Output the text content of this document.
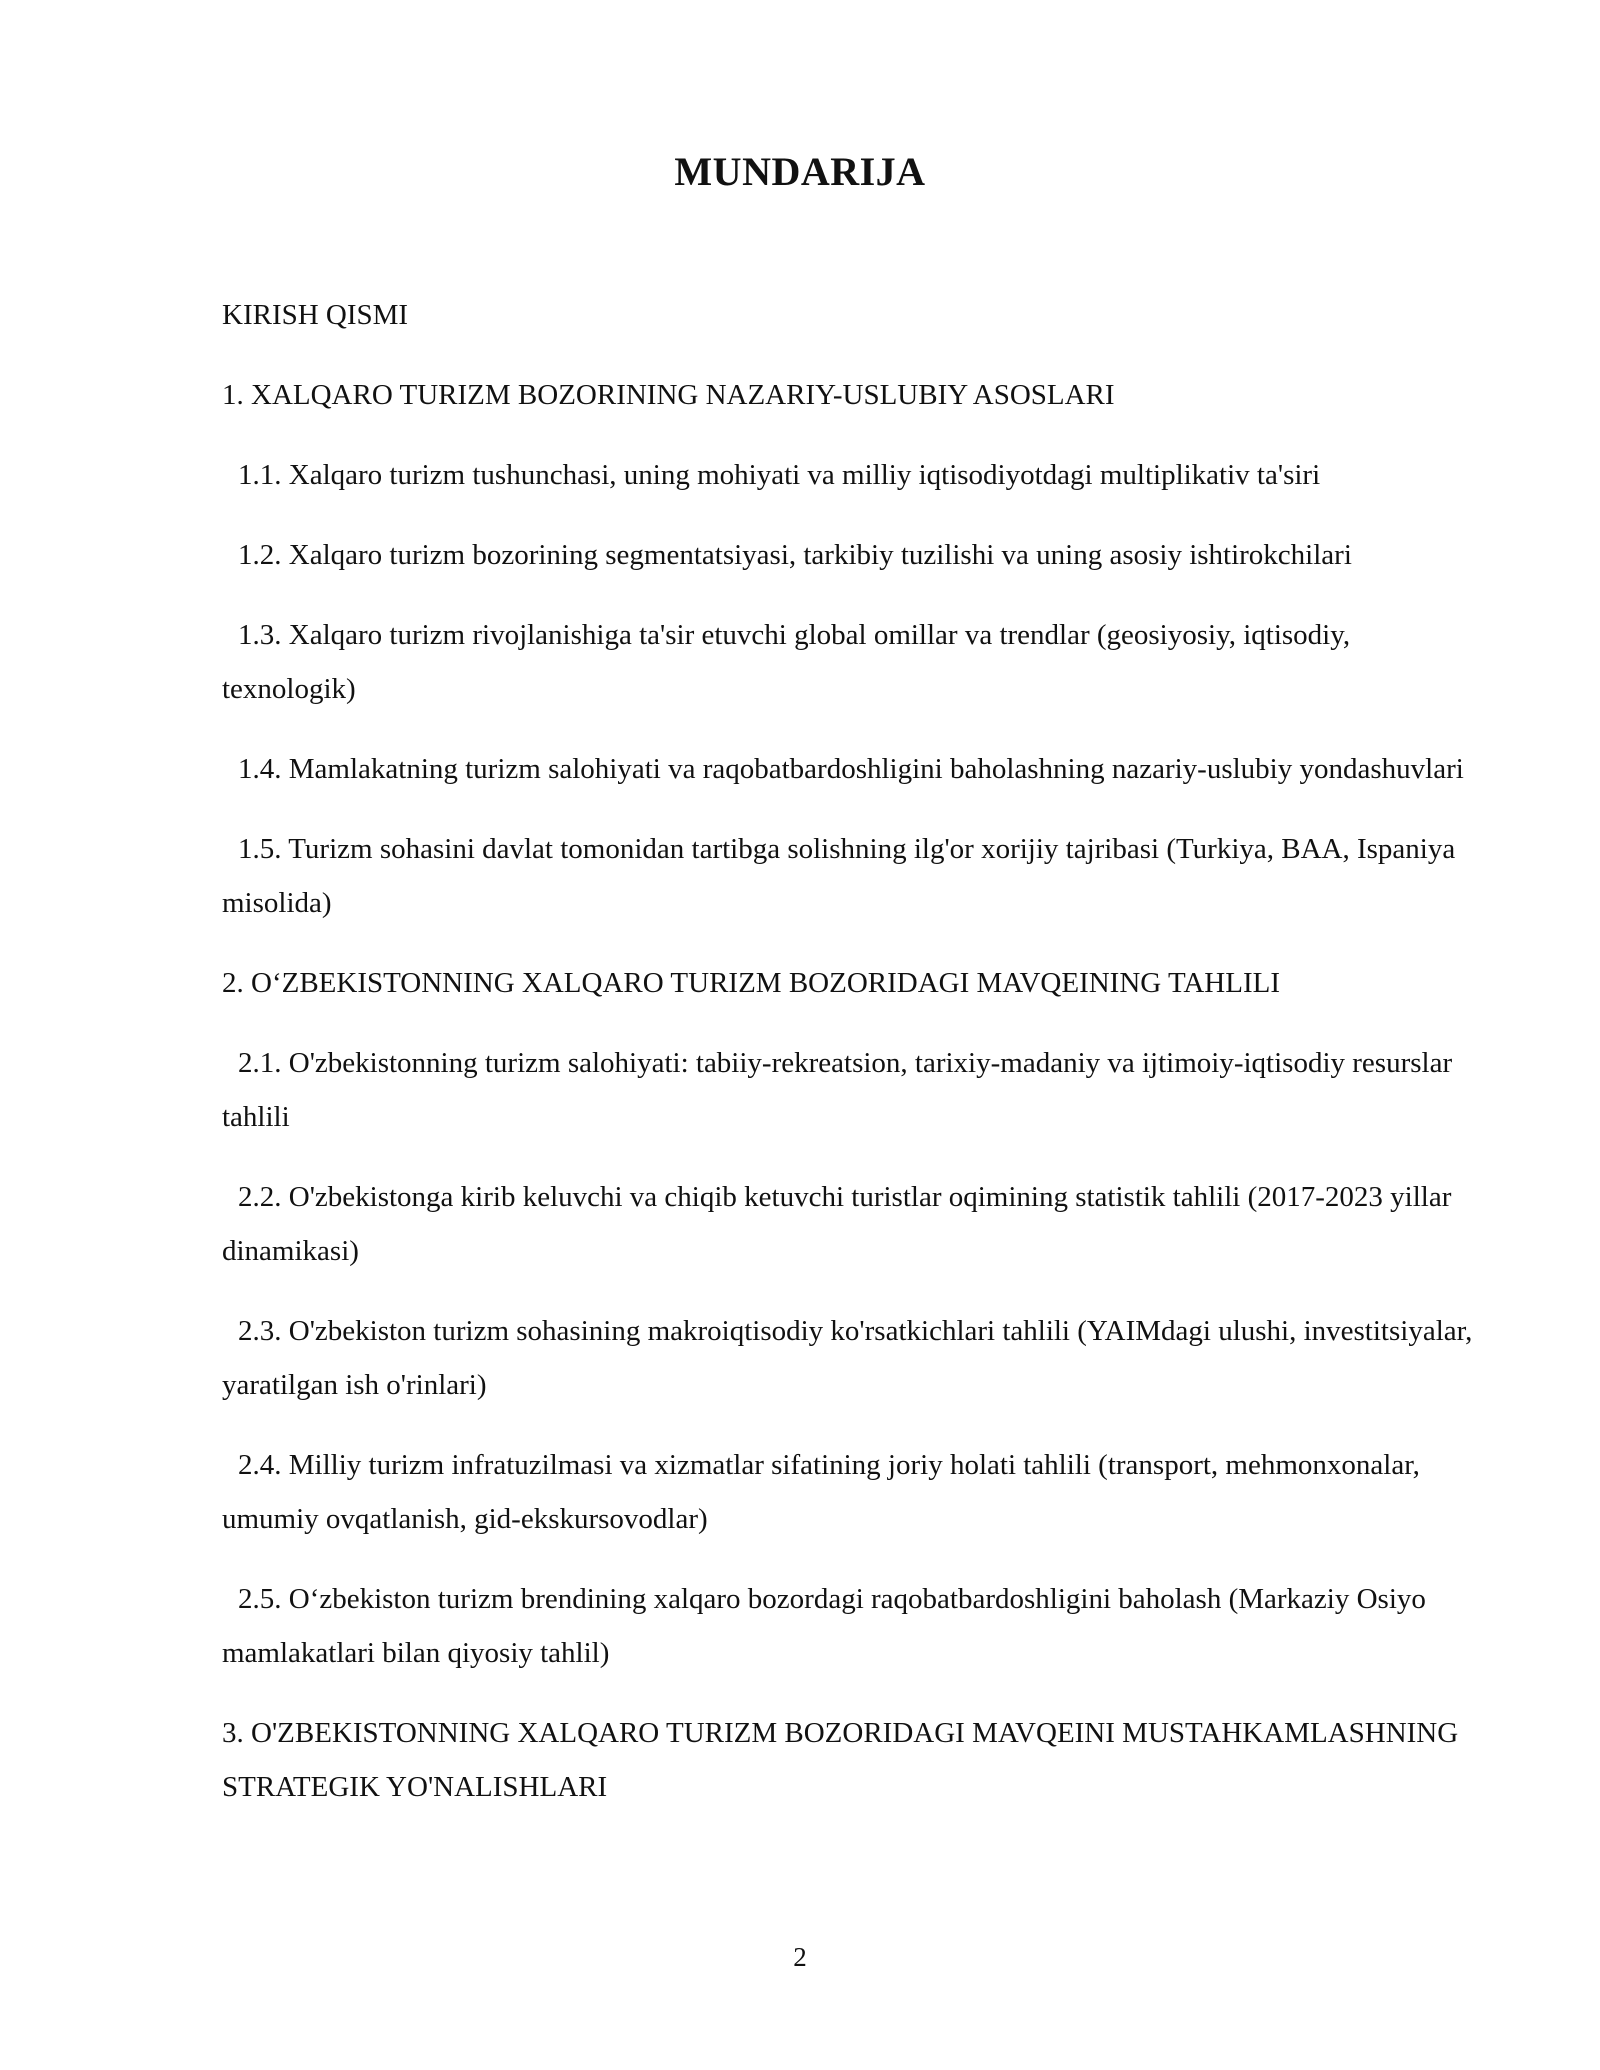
MUNDARIJA

KIRISH QISMI

1. XALQARO TURIZM BOZORINING NAZARIY-USLUBIY ASOSLARI

1.1. Xalqaro turizm tushunchasi, uning mohiyati va milliy iqtisodiyotdagi multiplikativ ta'siri

1.2. Xalqaro turizm bozorining segmentatsiyasi, tarkibiy tuzilishi va uning asosiy ishtirokchilari

1.3. Xalqaro turizm rivojlanishiga ta'sir etuvchi global omillar va trendlar (geosiyosiy, iqtisodiy, texnologik)

1.4. Mamlakatning turizm salohiyati va raqobatbardoshligini baholashning nazariy-uslubiy yondashuvlari

1.5. Turizm sohasini davlat tomonidan tartibga solishning ilg'or xorijiy tajribasi (Turkiya, BAA, Ispaniya misolida)

2. O‘ZBEKISTONNING XALQARO TURIZM BOZORIDAGI MAVQEINING TAHLILI

2.1. O'zbekistonning turizm salohiyati: tabiiy-rekreatsion, tarixiy-madaniy va ijtimoiy-iqtisodiy resurslar tahlili

2.2. O'zbekistonga kirib keluvchi va chiqib ketuvchi turistlar oqimining statistik tahlili (2017-2023 yillar dinamikasi)

2.3. O'zbekiston turizm sohasining makroiqtisodiy ko'rsatkichlari tahlili (YAIMdagi ulushi, investitsiyalar, yaratilgan ish o'rinlari)

2.4. Milliy turizm infratuzilmasi va xizmatlar sifatining joriy holati tahlili (transport, mehmonxonalar, umumiy ovqatlanish, gid-ekskursovodlar)

2.5. O‘zbekiston turizm brendining xalqaro bozordagi raqobatbardoshligini baholash (Markaziy Osiyo mamlakatlari bilan qiyosiy tahlil)

3. O'ZBEKISTONNING XALQARO TURIZM BOZORIDAGI MAVQEINI MUSTAHKAMLASHNING STRATEGIK YO'NALISHLARI

2
